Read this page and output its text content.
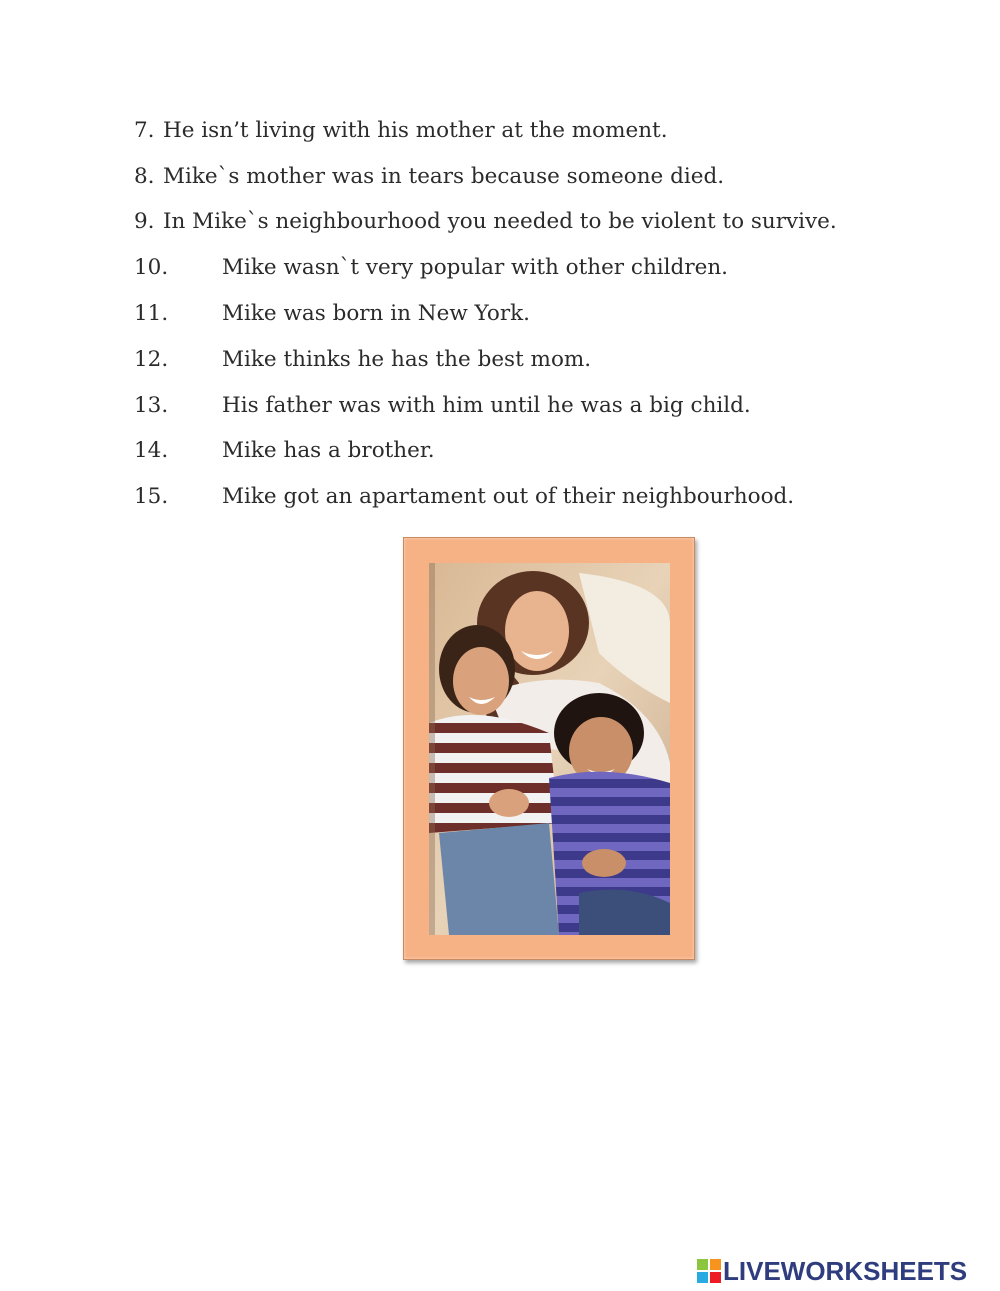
7. He isn’t living with his mother at the moment.
8. Mike`s mother was in tears because someone died.
9. In Mike`s neighbourhood you needed to be violent to survive.
10.	Mike wasn`t very popular with other children.
11.	Mike was born in New York.
12.	Mike thinks he has the best mom.
13.	His father was with him until he was a big child.
14.	Mike has a brother.
15.	Mike got an apartament out of their neighbourhood.
LIVEWORKSHEETS
